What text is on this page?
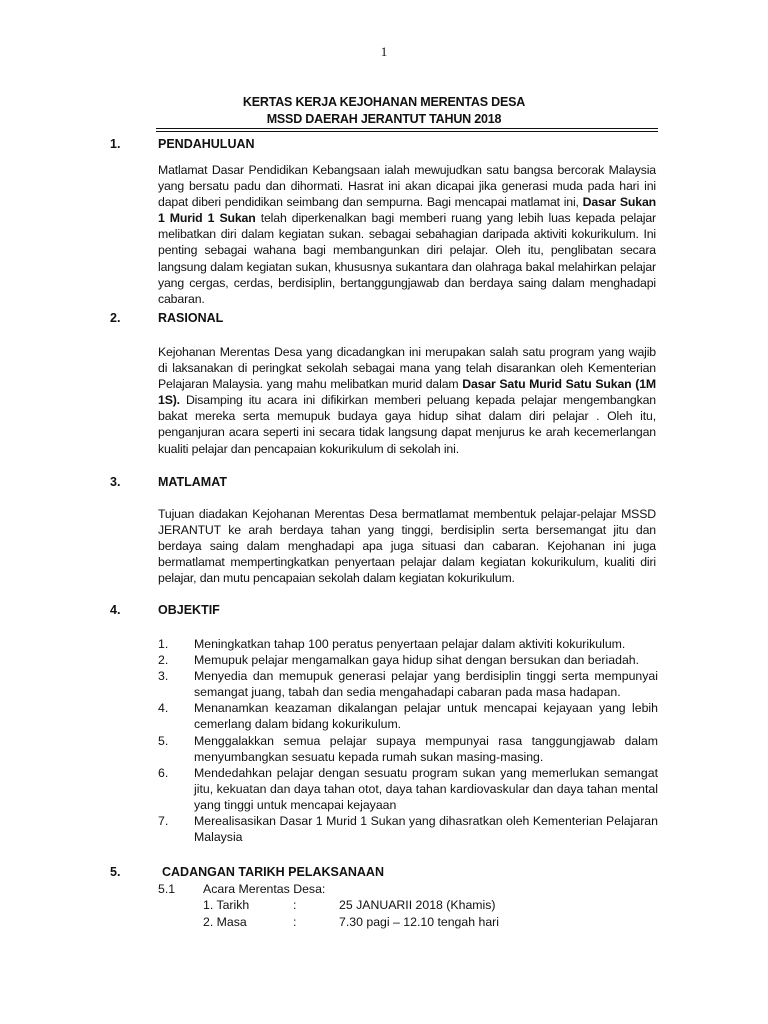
1
KERTAS KERJA KEJOHANAN MERENTAS DESA
MSSD DAERAH JERANTUT TAHUN 2018
1.	PENDAHULUAN
Matlamat Dasar Pendidikan Kebangsaan ialah mewujudkan satu bangsa bercorak Malaysia yang bersatu padu dan dihormati. Hasrat ini akan dicapai jika generasi muda pada hari ini dapat diberi pendidikan seimbang dan sempurna. Bagi mencapai matlamat ini, Dasar Sukan 1 Murid 1 Sukan telah diperkenalkan bagi memberi ruang yang lebih luas kepada pelajar melibatkan diri dalam kegiatan sukan. sebagai sebahagian daripada aktiviti kokurikulum. Ini penting sebagai wahana bagi membangunkan diri pelajar. Oleh itu, penglibatan secara langsung dalam kegiatan sukan, khususnya sukantara dan olahraga bakal melahirkan pelajar yang cergas, cerdas, berdisiplin, bertanggungjawab dan berdaya saing dalam menghadapi cabaran.
2.	RASIONAL
Kejohanan Merentas Desa yang dicadangkan ini merupakan salah satu program yang wajib di laksanakan di peringkat sekolah sebagai mana yang telah disarankan oleh Kementerian Pelajaran Malaysia. yang mahu melibatkan murid dalam Dasar Satu Murid Satu Sukan (1M 1S). Disamping itu acara ini difikirkan memberi peluang kepada pelajar mengembangkan bakat mereka serta memupuk budaya gaya hidup sihat dalam diri pelajar . Oleh itu, penganjuran acara seperti ini secara tidak langsung dapat menjurus ke arah kecemerlangan kualiti pelajar dan pencapaian kokurikulum di sekolah ini.
3.	MATLAMAT
Tujuan diadakan Kejohanan Merentas Desa bermatlamat membentuk pelajar-pelajar MSSD JERANTUT ke arah berdaya tahan yang tinggi, berdisiplin serta bersemangat jitu dan berdaya saing dalam menghadapi apa juga situasi dan cabaran. Kejohanan ini juga bermatlamat mempertingkatkan penyertaan pelajar dalam kegiatan kokurikulum, kualiti diri pelajar, dan mutu pencapaian sekolah dalam kegiatan kokurikulum.
4.	OBJEKTIF
1. Meningkatkan tahap 100 peratus penyertaan pelajar dalam aktiviti kokurikulum.
2. Memupuk pelajar mengamalkan gaya hidup sihat dengan bersukan dan beriadah.
3. Menyedia dan memupuk generasi pelajar yang berdisiplin tinggi serta mempunyai semangat juang, tabah dan sedia mengahadapi cabaran pada masa hadapan.
4. Menanamkan keazaman dikalangan pelajar untuk mencapai kejayaan yang lebih cemerlang dalam bidang kokurikulum.
5. Menggalakkan semua pelajar supaya mempunyai rasa tanggungjawab dalam menyumbangkan sesuatu kepada rumah sukan masing-masing.
6. Mendedahkan pelajar dengan sesuatu program sukan yang memerlukan semangat jitu, kekuatan dan daya tahan otot, daya tahan kardiovaskular dan daya tahan mental yang tinggi untuk mencapai kejayaan
7. Merealisasikan Dasar 1 Murid 1 Sukan yang dihasratkan oleh Kementerian Pelajaran Malaysia
5.	CADANGAN TARIKH PELAKSANAAN
5.1 Acara Merentas Desa:
1. Tarikh	:	25 JANUARII 2018 (Khamis)
2. Masa	:	7.30 pagi – 12.10 tengah hari
